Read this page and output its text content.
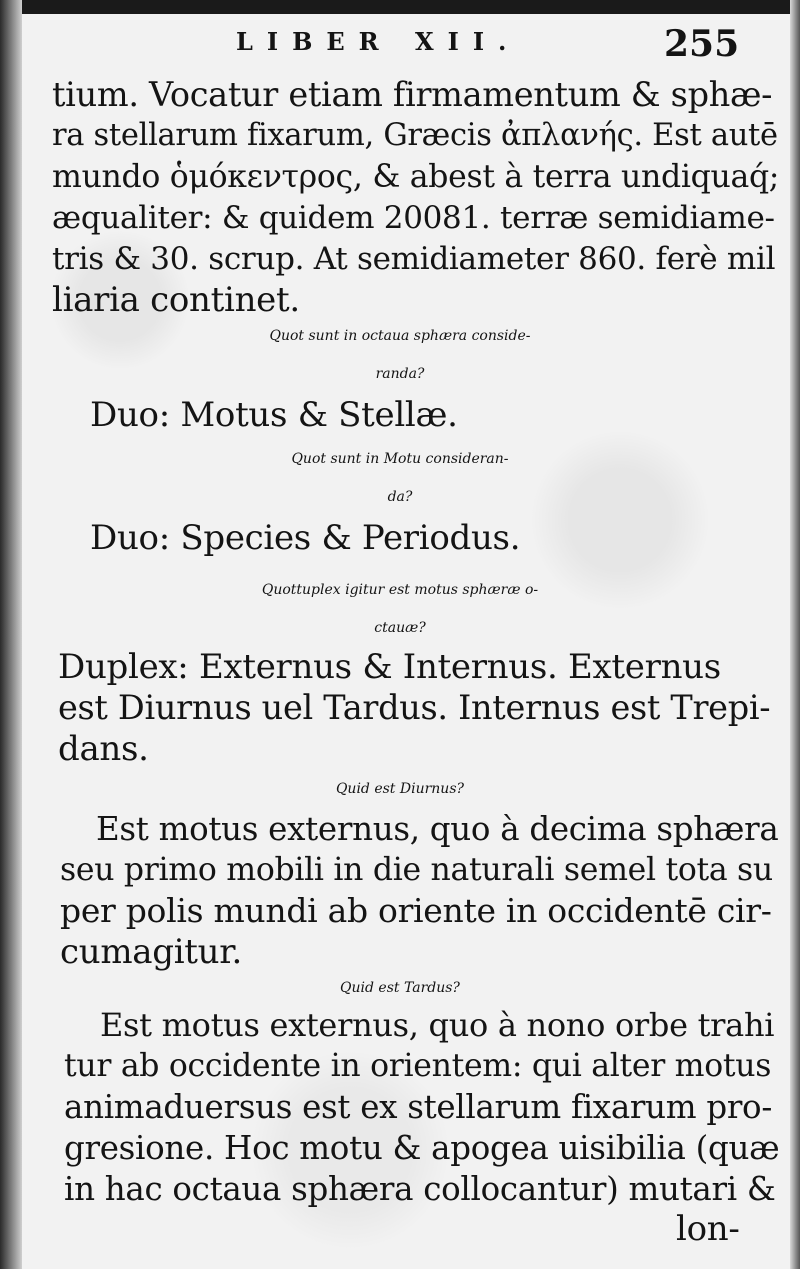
LIBER XII.	255
tium. Vocatur etiam firmamentum & sphæ-
ra stellarum fixarum, Græcis ἀπλανής. Est autē
mundo ὁμόκεντρος, & abest à terra undiquaq́;
æqualiter: & quidem 20081. terræ semidiame-
tris & 30. scrup. At semidiameter 860. ferè mil
liaria continet.
Quot sunt in octaua sphæra conside-
randa?
Duo: Motus & Stellæ.
Quot sunt in Motu consideran-
da?
Duo: Species & Periodus.
Quottuplex igitur est motus sphæræ o-
ctauæ?
Duplex: Externus & Internus. Externus
est Diurnus uel Tardus. Internus est Trepi-
dans.
Quid est Diurnus?
Est motus externus, quo à decima sphæra
seu primo mobili in die naturali semel tota su
per polis mundi ab oriente in occidentē cir-
cumagitur.
Quid est Tardus?
Est motus externus, quo à nono orbe trahi
tur ab occidente in orientem: qui alter motus
animaduersus est ex stellarum fixarum pro-
gresione. Hoc motu & apogea uisibilia (quæ
in hac octaua sphæra collocantur) mutari &
lon-
